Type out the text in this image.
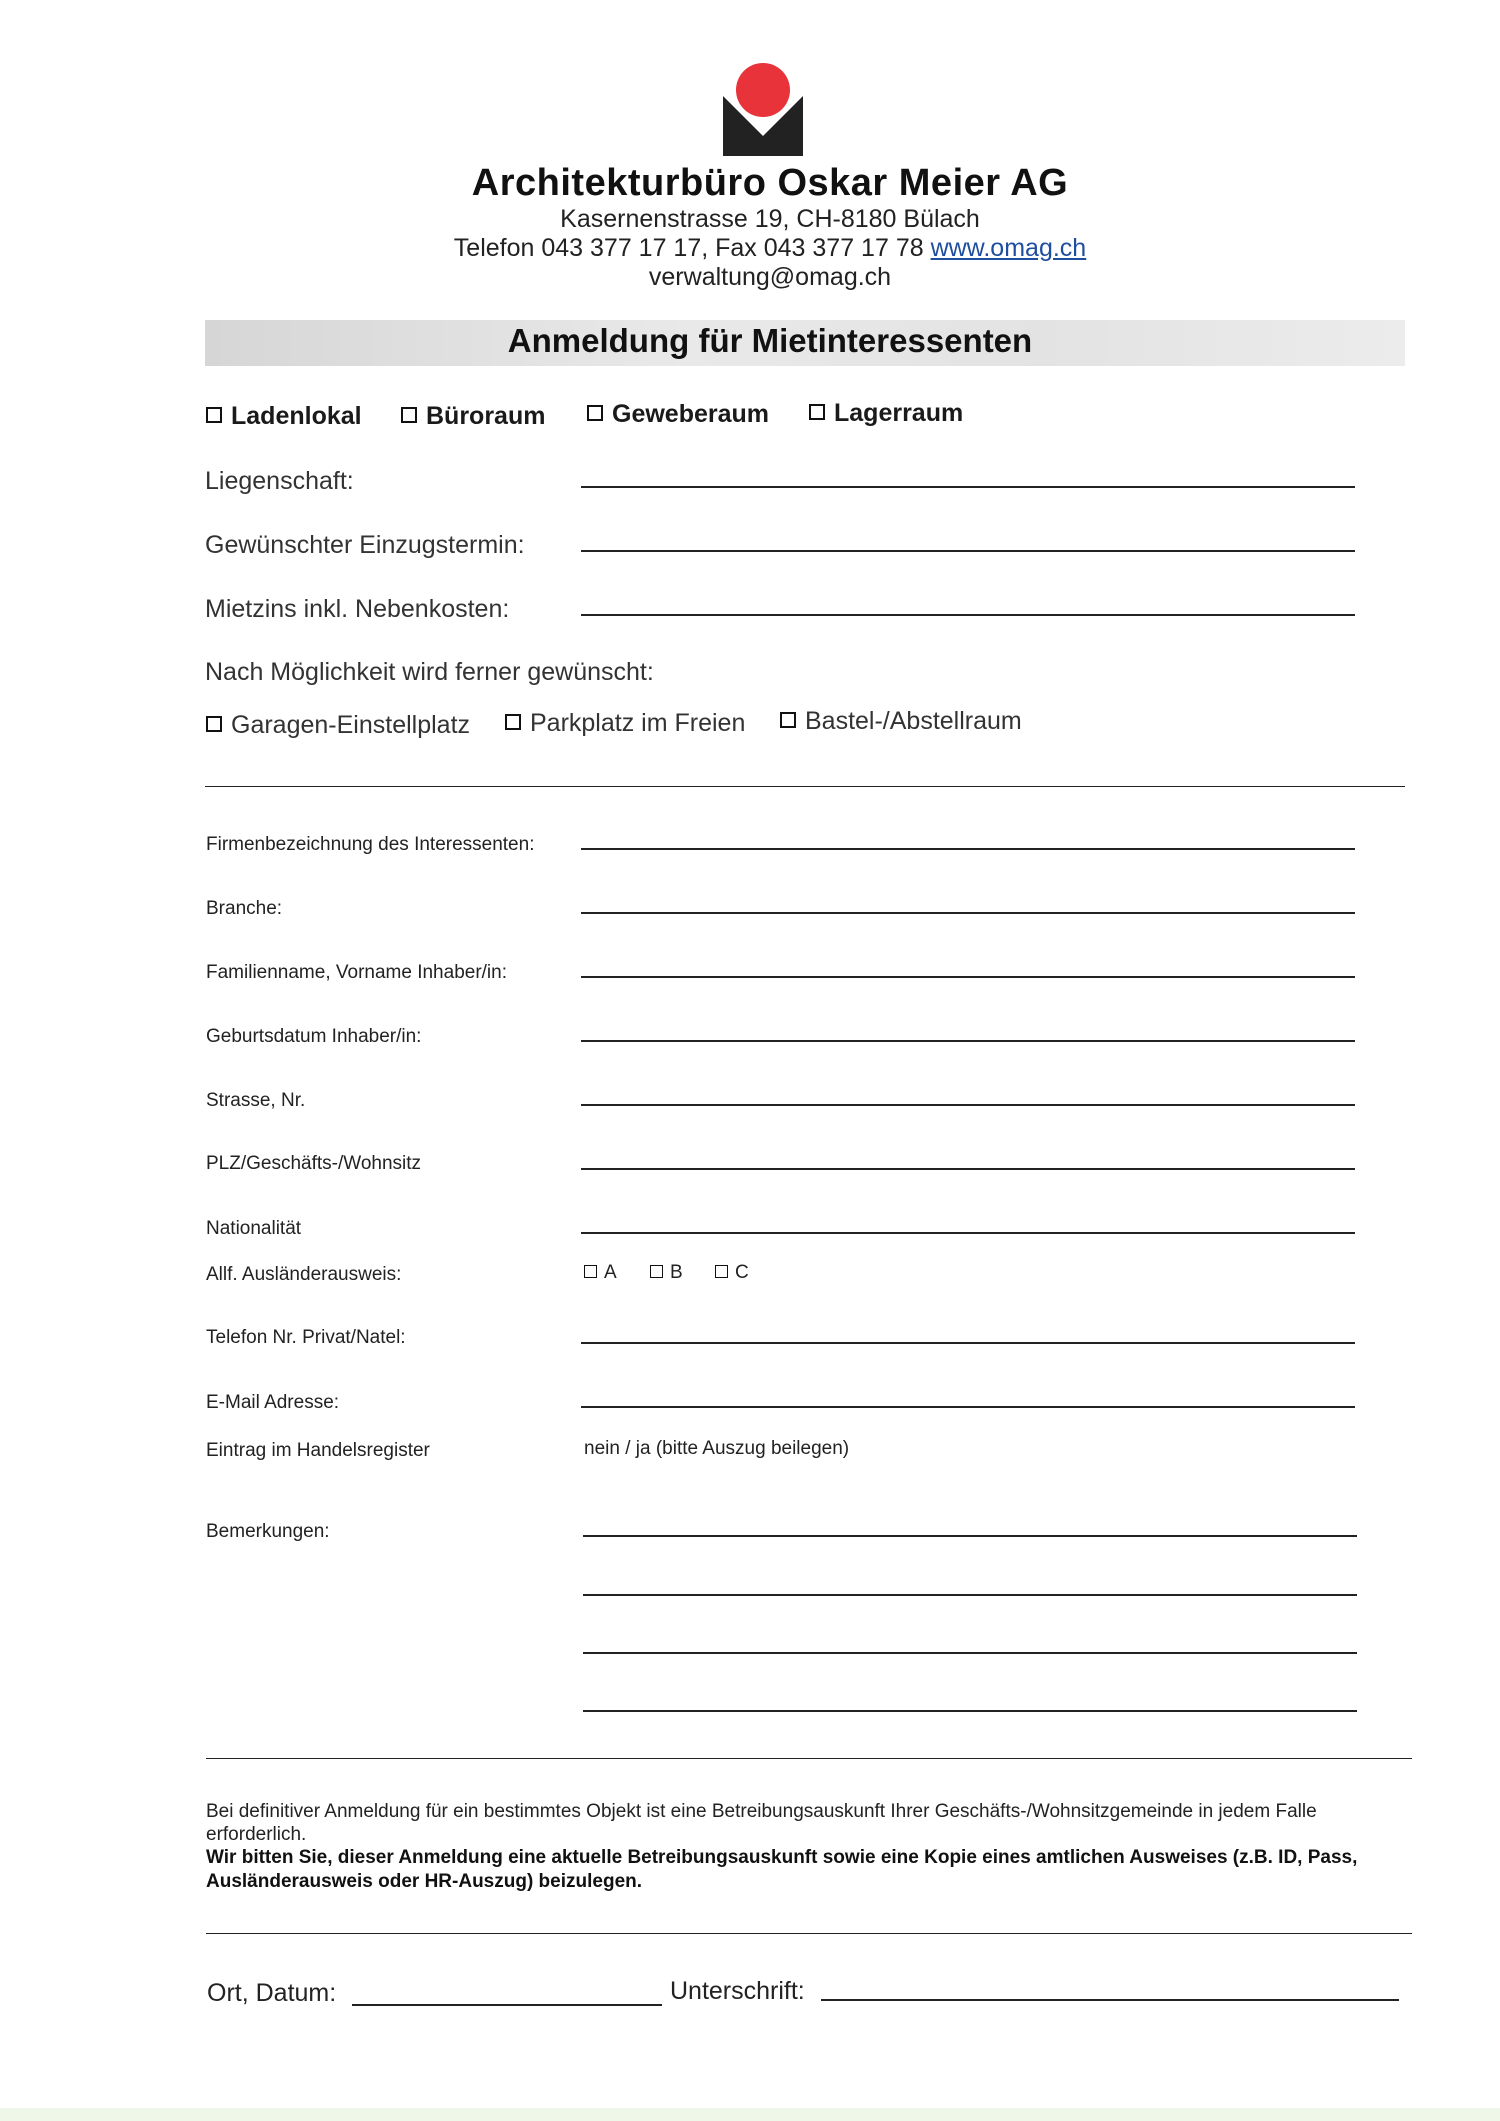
Architekturbüro Oskar Meier AG
Kasernenstrasse 19, CH-8180 Bülach
Telefon 043 377 17 17, Fax 043 377 17 78 www.omag.ch
verwaltung@omag.ch
Anmeldung für Mietinteressenten
Ladenlokal	Büroraum	Geweberaum	Lagerraum
Liegenschaft:
Gewünschter Einzugstermin:
Mietzins inkl. Nebenkosten:
Nach Möglichkeit wird ferner gewünscht:
Garagen-Einstellplatz	Parkplatz im Freien	Bastel-/Abstellraum
Firmenbezeichnung des Interessenten:
Branche:
Familienname, Vorname Inhaber/in:
Geburtsdatum Inhaber/in:
Strasse, Nr.
PLZ/Geschäfts-/Wohnsitz
Nationalität
Allf. Ausländerausweis:	A	B	C
Telefon Nr. Privat/Natel:
E-Mail Adresse:
Eintrag im Handelsregister	nein / ja (bitte Auszug beilegen)
Bemerkungen:
Bei definitiver Anmeldung für ein bestimmtes Objekt ist eine Betreibungsauskunft Ihrer Geschäfts-/Wohnsitzgemeinde in jedem Falle erforderlich.
Wir bitten Sie, dieser Anmeldung eine aktuelle Betreibungsauskunft sowie eine Kopie eines amtlichen Ausweises (z.B. ID, Pass, Ausländerausweis oder HR-Auszug) beizulegen.
Ort, Datum:	Unterschrift:
